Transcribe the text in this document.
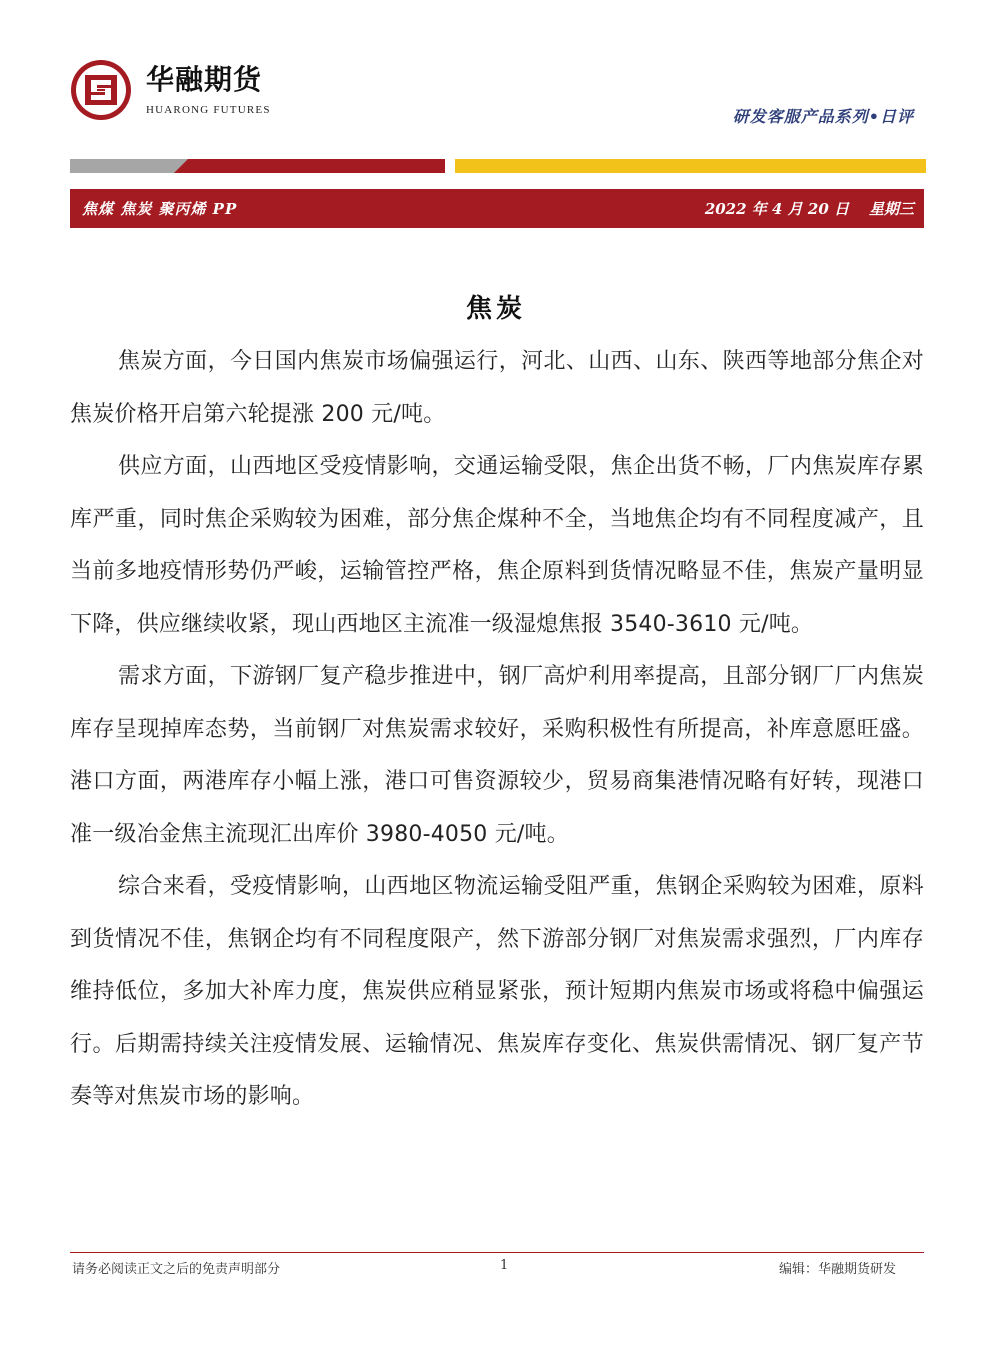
华融期货
HUARONG FUTURES	研发客服产品系列•日评
焦煤 焦炭 聚丙烯 PP	2022 年 4 月 20 日 星期三
焦炭

焦炭方面，今日国内焦炭市场偏强运行，河北、山西、山东、陕西等地部分焦企对焦炭价格开启第六轮提涨 200 元/吨。

供应方面，山西地区受疫情影响，交通运输受限，焦企出货不畅，厂内焦炭库存累库严重，同时焦企采购较为困难，部分焦企煤种不全，当地焦企均有不同程度减产，且当前多地疫情形势仍严峻，运输管控严格，焦企原料到货情况略显不佳，焦炭产量明显下降，供应继续收紧，现山西地区主流准一级湿熄焦报 3540-3610 元/吨。

需求方面，下游钢厂复产稳步推进中，钢厂高炉利用率提高，且部分钢厂厂内焦炭库存呈现掉库态势，当前钢厂对焦炭需求较好，采购积极性有所提高，补库意愿旺盛。港口方面，两港库存小幅上涨，港口可售资源较少，贸易商集港情况略有好转，现港口准一级冶金焦主流现汇出库价 3980-4050 元/吨。

综合来看，受疫情影响，山西地区物流运输受阻严重，焦钢企采购较为困难，原料到货情况不佳，焦钢企均有不同程度限产，然下游部分钢厂对焦炭需求强烈，厂内库存维持低位，多加大补库力度，焦炭供应稍显紧张，预计短期内焦炭市场或将稳中偏强运行。后期需持续关注疫情发展、运输情况、焦炭库存变化、焦炭供需情况、钢厂复产节奏等对焦炭市场的影响。

请务必阅读正文之后的免责声明部分	1	编辑：华融期货研发
